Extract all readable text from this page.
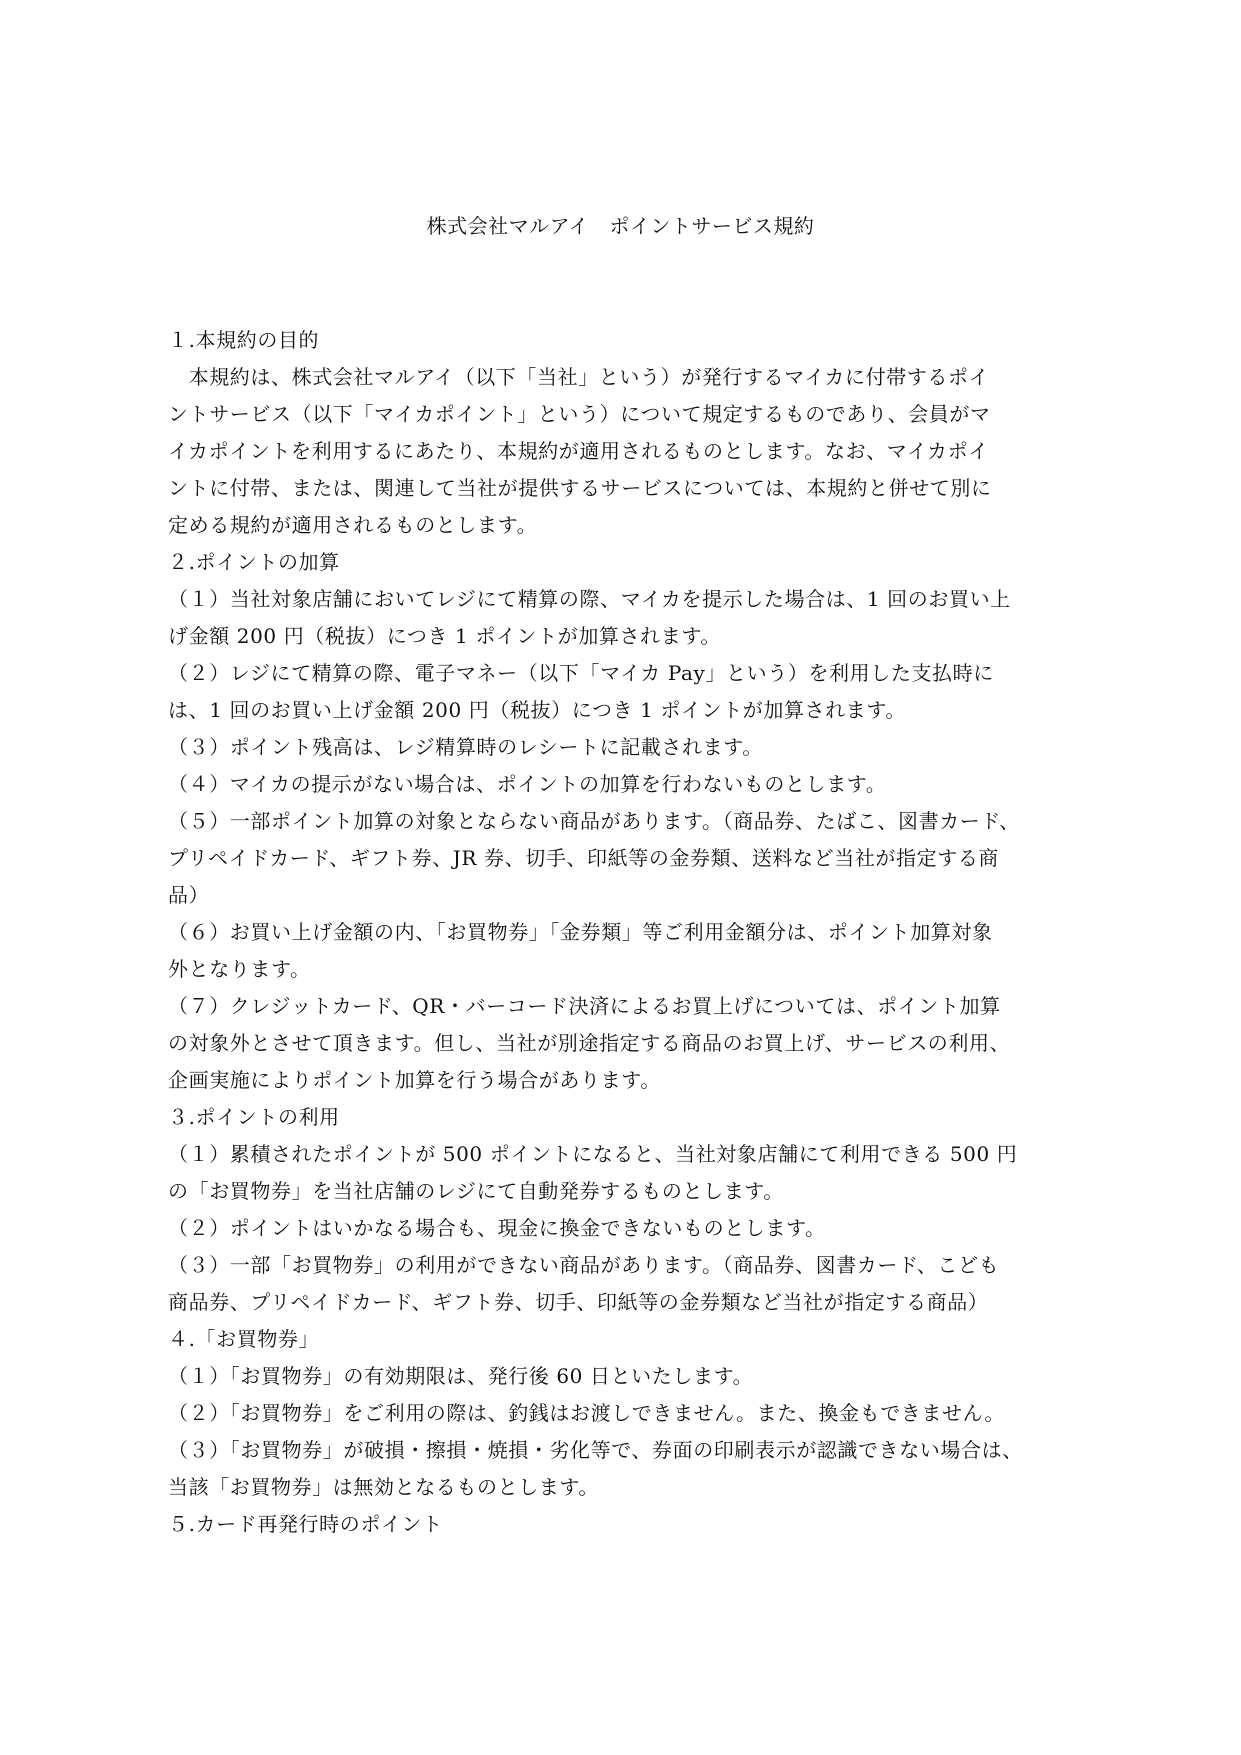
株式会社マルアイ　ポイントサービス規約
１.本規約の目的
　本規約は、株式会社マルアイ（以下「当社」という）が発行するマイカに付帯するポイ
ントサービス（以下「マイカポイント」という）について規定するものであり、会員がマ
イカポイントを利用するにあたり、本規約が適用されるものとします。なお、マイカポイ
ントに付帯、または、関連して当社が提供するサービスについては、本規約と併せて別に
定める規約が適用されるものとします。
２.ポイントの加算
（１）当社対象店舗においてレジにて精算の際、マイカを提示した場合は、1 回のお買い上
げ金額 200 円（税抜）につき 1 ポイントが加算されます。
（２）レジにて精算の際、電子マネー（以下「マイカ Pay」という）を利用した支払時に
は、1 回のお買い上げ金額 200 円（税抜）につき 1 ポイントが加算されます。
（３）ポイント残高は、レジ精算時のレシートに記載されます。
（４）マイカの提示がない場合は、ポイントの加算を行わないものとします。
（５）一部ポイント加算の対象とならない商品があります。（商品券、たばこ、図書カード、
プリペイドカード、ギフト券、JR 券、切手、印紙等の金券類、送料など当社が指定する商
品）
（６）お買い上げ金額の内、「お買物券」「金券類」等ご利用金額分は、ポイント加算対象
外となります。
（７）クレジットカード、QR・バーコード決済によるお買上げについては、ポイント加算
の対象外とさせて頂きます。但し、当社が別途指定する商品のお買上げ、サービスの利用、
企画実施によりポイント加算を行う場合があります。
３.ポイントの利用
（１）累積されたポイントが 500 ポイントになると、当社対象店舗にて利用できる 500 円
の「お買物券」を当社店舗のレジにて自動発券するものとします。
（２）ポイントはいかなる場合も、現金に換金できないものとします。
（３）一部「お買物券」の利用ができない商品があります。（商品券、図書カード、こども
商品券、プリペイドカード、ギフト券、切手、印紙等の金券類など当社が指定する商品）
４.「お買物券」
（１）「お買物券」の有効期限は、発行後 60 日といたします。
（２）「お買物券」をご利用の際は、釣銭はお渡しできません。また、換金もできません。
（３）「お買物券」が破損・擦損・焼損・劣化等で、券面の印刷表示が認識できない場合は、
当該「お買物券」は無効となるものとします。
５.カード再発行時のポイント
